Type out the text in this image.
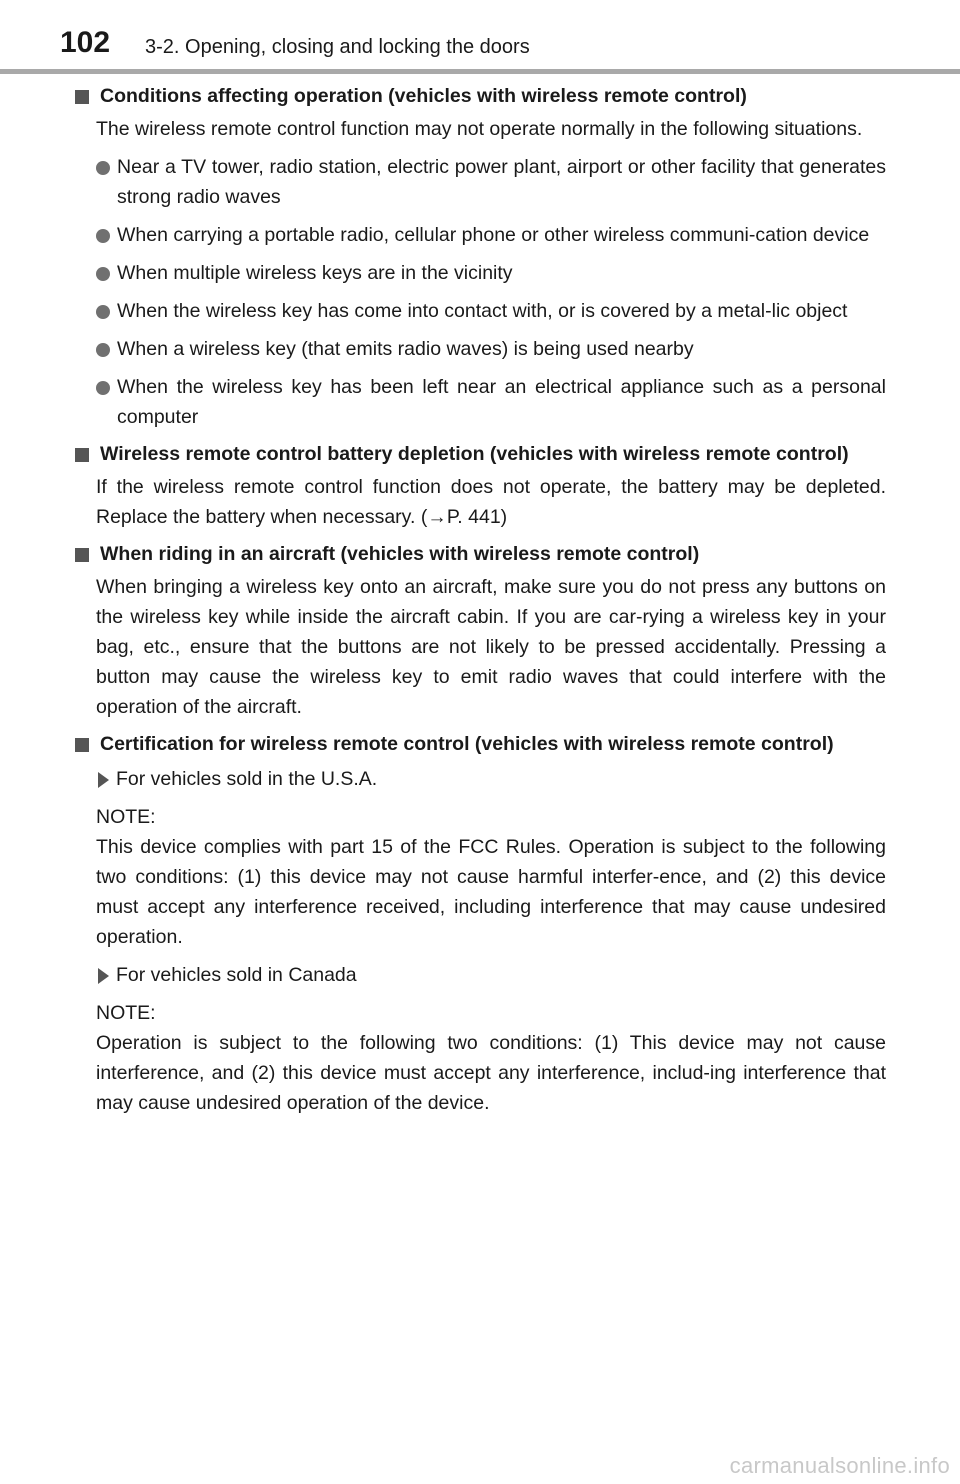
102 3-2. Opening, closing and locking the doors
Conditions affecting operation (vehicles with wireless remote control)

The wireless remote control function may not operate normally in the following situations.

Near a TV tower, radio station, electric power plant, airport or other facility that generates strong radio waves
When carrying a portable radio, cellular phone or other wireless communi-cation device
When multiple wireless keys are in the vicinity
When the wireless key has come into contact with, or is covered by a metal-lic object
When a wireless key (that emits radio waves) is being used nearby
When the wireless key has been left near an electrical appliance such as a personal computer
Wireless remote control battery depletion (vehicles with wireless remote control)

If the wireless remote control function does not operate, the battery may be depleted. Replace the battery when necessary. (→P. 441)

When riding in an aircraft (vehicles with wireless remote control)

When bringing a wireless key onto an aircraft, make sure you do not press any buttons on the wireless key while inside the aircraft cabin. If you are car-rying a wireless key in your bag, etc., ensure that the buttons are not likely to be pressed accidentally. Pressing a button may cause the wireless key to emit radio waves that could interfere with the operation of the aircraft.

Certification for wireless remote control (vehicles with wireless remote control)
For vehicles sold in the U.S.A.
NOTE:

This device complies with part 15 of the FCC Rules. Operation is subject to the following two conditions: (1) this device may not cause harmful interfer-ence, and (2) this device must accept any interference received, including interference that may cause undesired operation.

For vehicles sold in Canada
NOTE:

Operation is subject to the following two conditions: (1) This device may not cause interference, and (2) this device must accept any interference, includ-ing interference that may cause undesired operation of the device.

carmanualsonline.info
